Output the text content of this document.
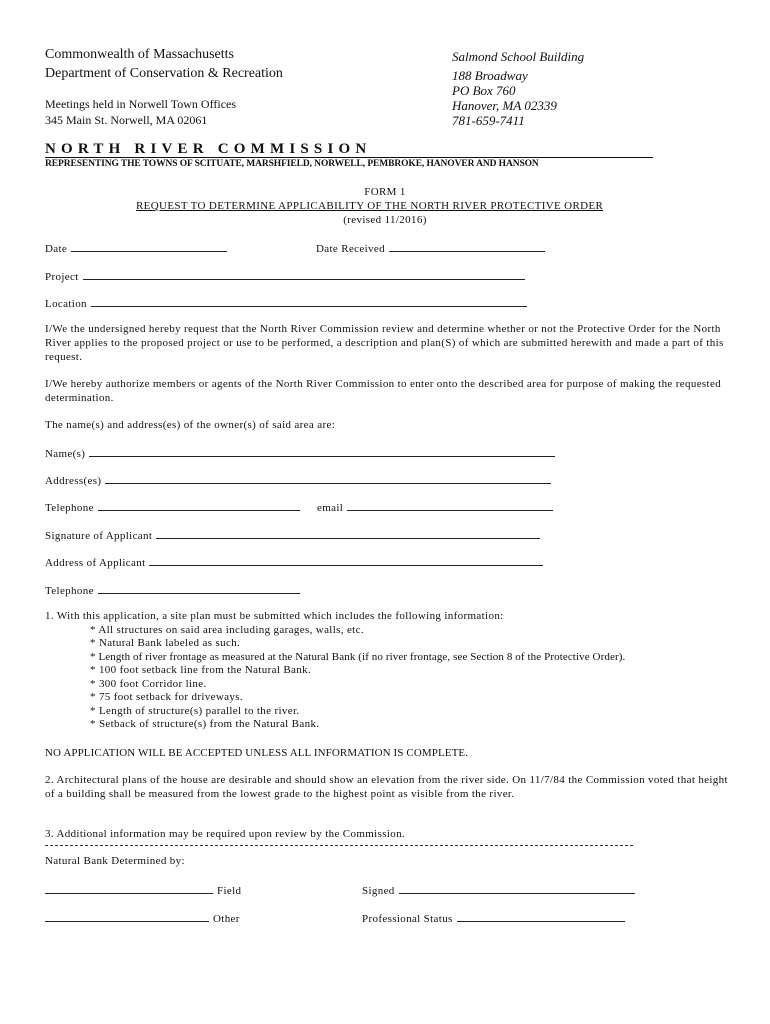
Commonwealth of Massachusetts
Department of Conservation & Recreation
Meetings held in Norwell Town Offices
345 Main St. Norwell, MA 02061
Salmond School Building
188 Broadway
PO Box 760
Hanover, MA 02339
781-659-7411
NORTH RIVER COMMISSION
REPRESENTING THE TOWNS OF SCITUATE, MARSHFIELD, NORWELL, PEMBROKE, HANOVER AND HANSON
FORM 1
REQUEST TO DETERMINE APPLICABILITY OF THE NORTH RIVER PROTECTIVE ORDER
(revised 11/2016)
Date	Date Received
Project
Location
I/We the undersigned hereby request that the North River Commission review and determine whether or not the Protective Order for the North River applies to the proposed project or use to be performed, a description and plan(S) of which are submitted herewith and made a part of this request.
I/We hereby authorize members or agents of the North River Commission to enter onto the described area for purpose of making the requested determination.
The name(s) and address(es) of the owner(s) of said area are:
Name(s)
Address(es)
Telephone	email
Signature of Applicant
Address of Applicant
Telephone
1. With this application, a site plan must be submitted which includes the following information:
* All structures on said area including garages, walls, etc.
* Natural Bank labeled as such.
* Length of river frontage as measured at the Natural Bank (if no river frontage, see Section 8 of the Protective Order).
* 100 foot setback line from the Natural Bank.
* 300 foot Corridor line.
* 75 foot setback for driveways.
* Length of structure(s) parallel to the river.
* Setback of structure(s) from the Natural Bank.
NO APPLICATION WILL BE ACCEPTED UNLESS ALL INFORMATION IS COMPLETE.
2. Architectural plans of the house are desirable and should show an elevation from the river side. On 11/7/84 the Commission voted that height of a building shall be measured from the lowest grade to the highest point as visible from the river.
3. Additional information may be required upon review by the Commission.
Natural Bank Determined by:
Field	Signed
Other	Professional Status
